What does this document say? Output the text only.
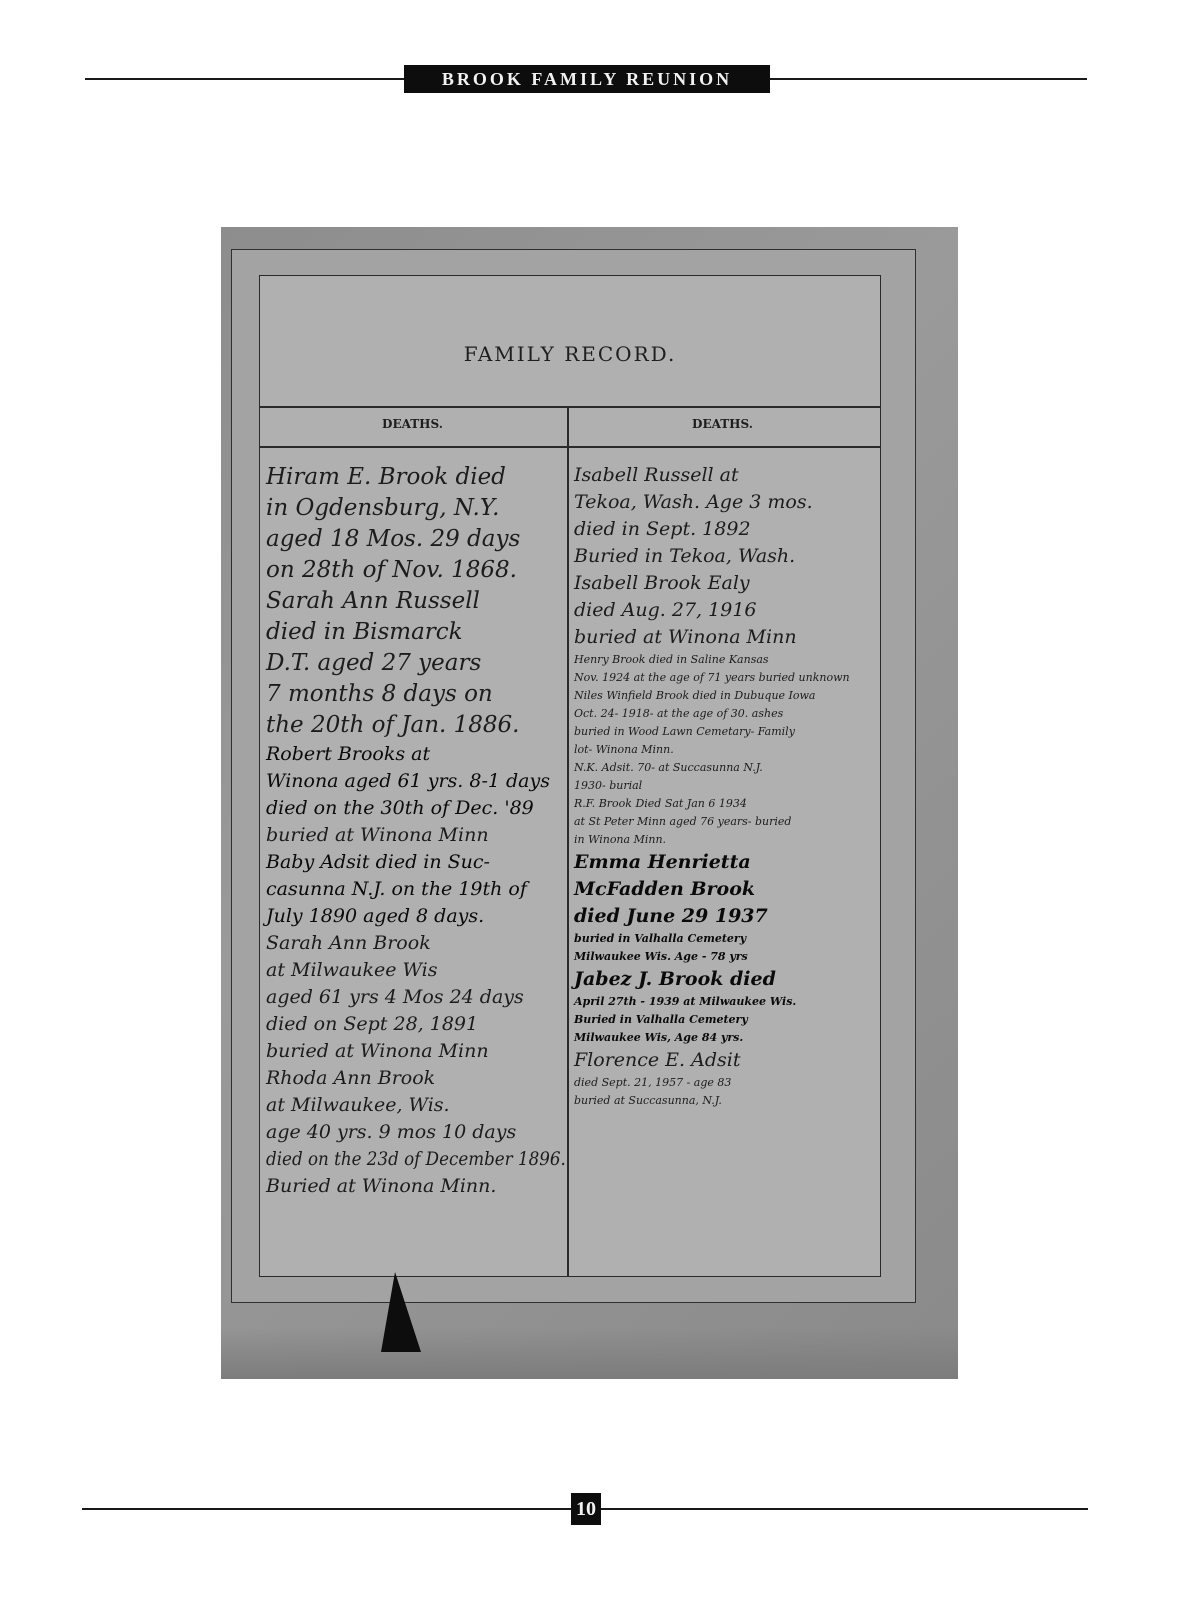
BROOK FAMILY REUNION
FAMILY RECORD.
DEATHS.	DEATHS.
Hiram E. Brook died
in Ogdensburg, N.Y.
aged 18 Mos. 29 days
on 28th of Nov. 1868.
Sarah Ann Russell
died in Bismarck
D.T. aged 27 years
7 months 8 days on
the 20th of Jan. 1886.
Robert Brooks at
Winona aged 61 yrs. 8-1 days
died on the 30th of Dec. '89
buried at Winona Minn
Baby Adsit died in Suc-
casunna N.J. on the 19th of
July 1890 aged 8 days.
Sarah Ann Brook
at Milwaukee Wis
aged 61 yrs 4 Mos 24 days
died on Sept 28, 1891
buried at Winona Minn
Rhoda Ann Brook
at Milwaukee, Wis.
age 40 yrs. 9 mos 10 days
died on the 23d of December 1896.
Buried at Winona Minn.
Isabell Russell at
Tekoa, Wash. Age 3 mos.
died in Sept. 1892
Buried in Tekoa, Wash.
Isabell Brook Ealy
died Aug. 27, 1916
buried at Winona Minn
Henry Brook died in Saline Kansas
Nov. 1924 at the age of 71 years buried unknown
Niles Winfield Brook died in Dubuque Iowa
Oct. 24- 1918- at the age of 30. ashes
buried in Wood Lawn Cemetary- Family
lot- Winona Minn.
N.K. Adsit. 70- at Succasunna N.J.
1930- burial
R.F. Brook Died Sat Jan 6 1934
at St Peter Minn aged 76 years- buried
in Winona Minn.
Emma Henrietta
McFadden Brook
died June 29 1937
buried in Valhalla Cemetery
Milwaukee Wis. Age - 78 yrs
Jabez J. Brook died
April 27th - 1939 at Milwaukee Wis.
Buried in Valhalla Cemetery
Milwaukee Wis, Age 84 yrs.
Florence E. Adsit
died Sept. 21, 1957 - age 83
buried at Succasunna, N.J.
10
